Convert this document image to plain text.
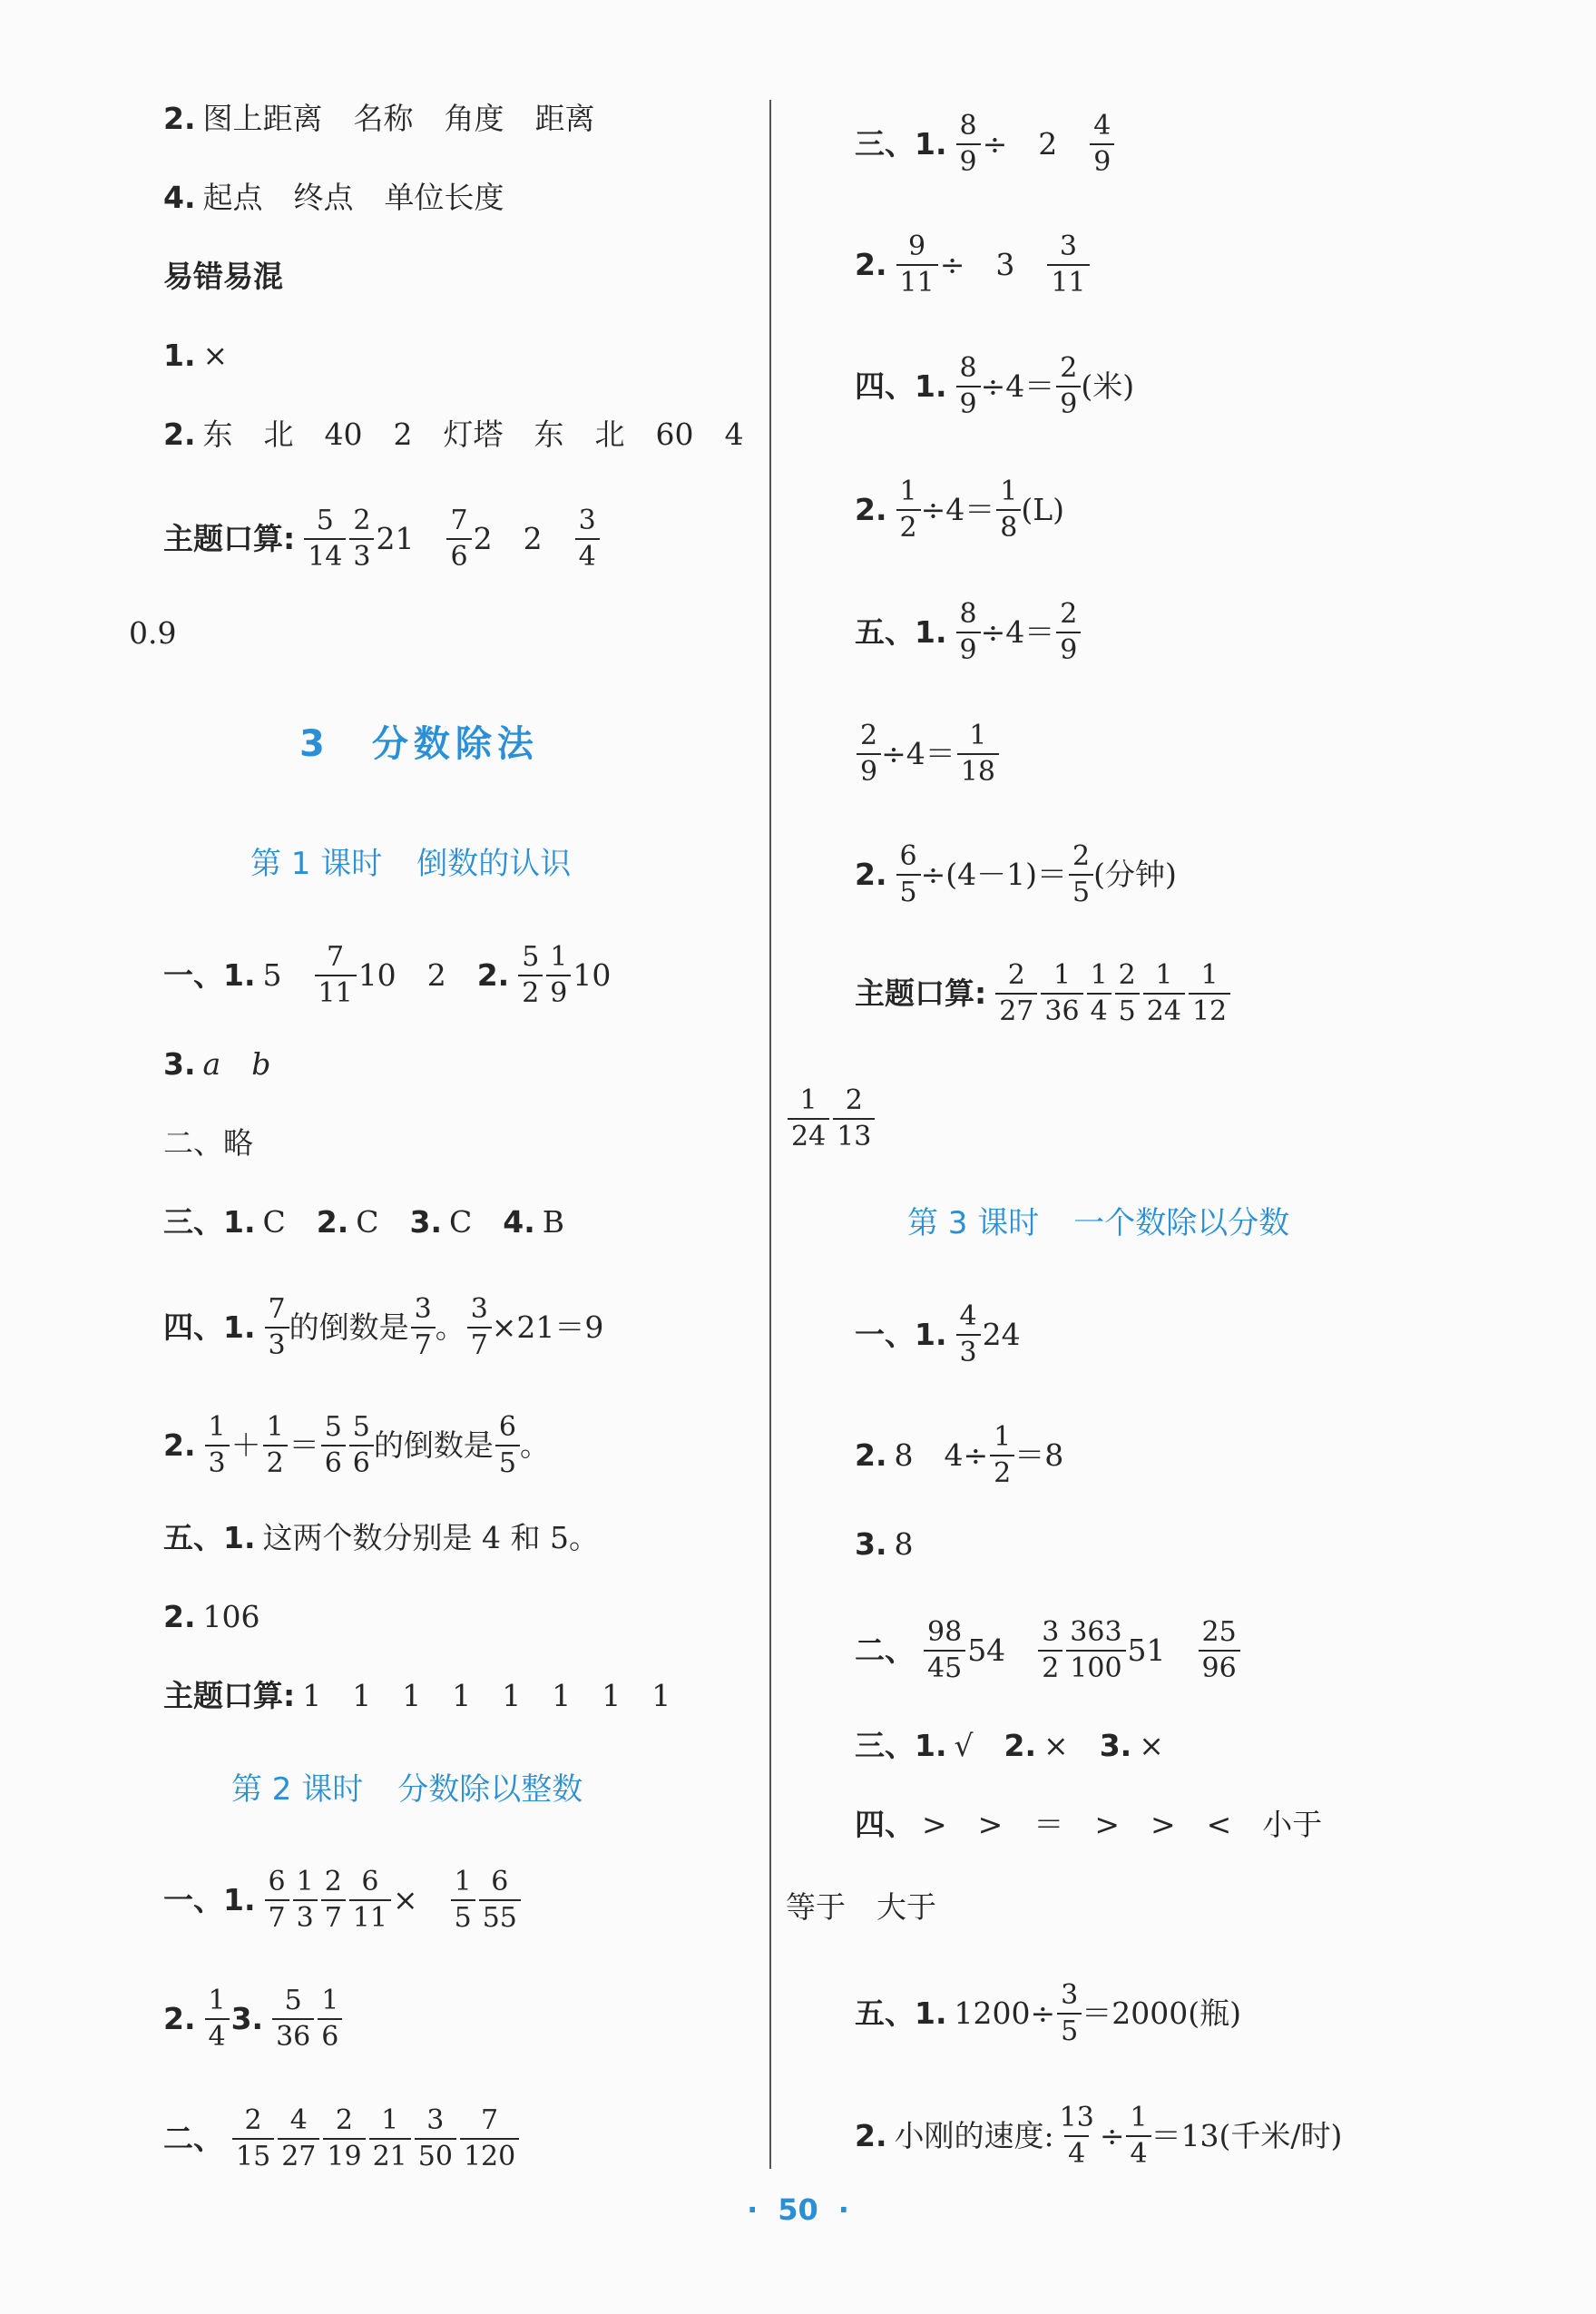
2. 图上距离 名称 角度 距离
4. 起点 终点 单位长度
易错易混
1. ×
2. 东 北 40 2 灯塔 东 北 60 4
主题口算: $\frac{5}{14} \frac{2}{3} 21 \frac{7}{6} 2$ $2 \frac{3}{4}$
0.9
3　分数除法
第 1 课时 倒数的认识
一、1. $5 \frac{7}{11} 10$ 2 2. $\frac{5}{2} \frac{1}{9} 10$
3. a b
二、略
三、 1. C 2. C 3. C 4. B
四、1. $\frac{7}{3}$ 的倒数是 $\frac{3}{7}$ 。 $\frac{3}{7} \times 21=9$
2. $\frac{1}{3} + \frac{1}{2} = \frac{5}{6} \frac{5}{6}$ 的倒数是 $\frac{6}{5}$ 。
五、1. 这两个数分别是 4 和 5。
2. 106
主题口算: 1 1 1 1 1 1 1 1
第 2 课时 分数除以整数
一、1. $\frac{6}{7} \frac{1}{3} \frac{2}{7} \frac{6}{11} \times \frac{1}{5} \frac{6}{55}$
2. $\frac{1}{4} 3$. $\frac{5}{36} \frac{1}{6}$
二、 $\frac{2}{15} \frac{4}{27} \frac{2}{19} \frac{1}{21} \frac{3}{50} \frac{7}{120}$
三、1. $\frac{8}{9} \div 2 \frac{4}{9}$
2. $\frac{9}{11} \div 3 \frac{3}{11}$
四、1. $\frac{8}{9} \div 4= \frac{2}{9}$ (米)
2. $\frac{1}{2} \div 4= \frac{1}{8} (L)$
五、1. $\frac{8}{9} \div 4= \frac{2}{9}$
$\frac{2}{9} \div 4= \frac{1}{18}$
2. $\frac{6}{5} \div(4-1)= \frac{2}{5}$ (分钟)
主题口算: $\frac{2}{27} \frac{1}{36} \frac{1}{4} \frac{2}{5} \frac{1}{24} \frac{1}{12}$
$\frac{1}{24} \frac{2}{13}$
第 3 课时 一个数除以分数
一、1. $\frac{4}{3} 24$
2. 8 $4\div \frac{1}{2} =8$
3. 8
二、 $\frac{98}{45} 54 \frac{3}{2} \frac{363}{100} 51 \frac{25}{96}$
三、 1. √ 2. × 3. ×
四、 > > ＝ > > < 小于
等于 大于
五、1. $1200\div \frac{3}{5} =2000$(瓶)
2. 小刚的速度: $\frac{13}{4} \div \frac{1}{4} =13$(千米/时)
· 50 ·
